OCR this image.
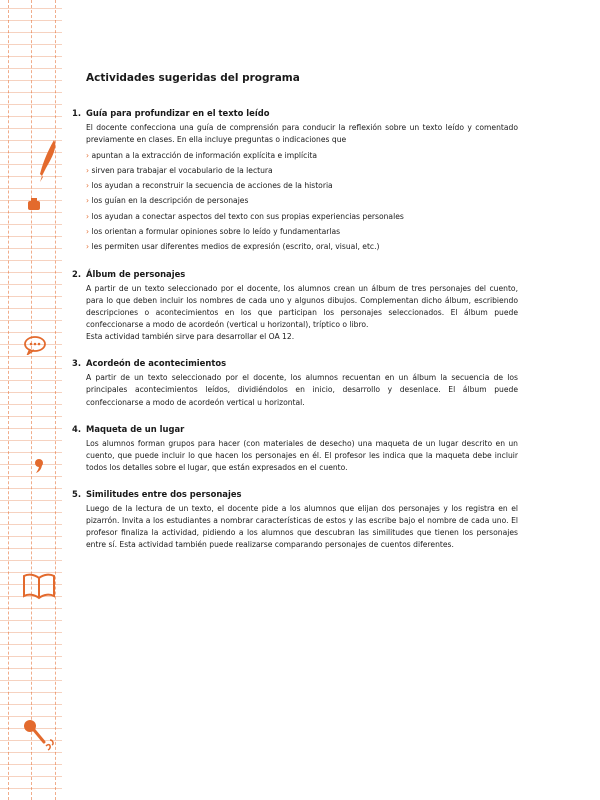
Actividades sugeridas del programa
1. Guía para profundizar en el texto leído

El docente confecciona una guía de comprensión para conducir la reflexión sobre un texto leído y comentado previamente en clases. En ella incluye preguntas o indicaciones que

› apuntan a la extracción de información explícita e implícita
› sirven para trabajar el vocabulario de la lectura
› los ayudan a reconstruir la secuencia de acciones de la historia
› los guían en la descripción de personajes
› los ayudan a conectar aspectos del texto con sus propias experiencias personales
› los orientan a formular opiniones sobre lo leído y fundamentarlas
› les permiten usar diferentes medios de expresión (escrito, oral, visual, etc.)
2. Álbum de personajes

A partir de un texto seleccionado por el docente, los alumnos crean un álbum de tres personajes del cuento, para lo que deben incluir los nombres de cada uno y algunos dibujos. Complementan dicho álbum, escribiendo descripciones o acontecimientos en los que participan los personajes seleccionados. El álbum puede confeccionarse a modo de acordeón (vertical u horizontal), tríptico o libro.

Esta actividad también sirve para desarrollar el OA 12.

3. Acordeón de acontecimientos

A partir de un texto seleccionado por el docente, los alumnos recuentan en un álbum la secuencia de los principales acontecimientos leídos, dividiéndolos en inicio, desarrollo y desenlace. El álbum puede confeccionarse a modo de acordeón vertical u horizontal.

4. Maqueta de un lugar

Los alumnos forman grupos para hacer (con materiales de desecho) una maqueta de un lugar descrito en un cuento, que puede incluir lo que hacen los personajes en él. El profesor les indica que la maqueta debe incluir todos los detalles sobre el lugar, que están expresados en el cuento.

5. Similitudes entre dos personajes

Luego de la lectura de un texto, el docente pide a los alumnos que elijan dos personajes y los registra en el pizarrón. Invita a los estudiantes a nombrar características de estos y las escribe bajo el nombre de cada uno. El profesor finaliza la actividad, pidiendo a los alumnos que descubran las similitudes que tienen los personajes entre sí. Esta actividad también puede realizarse comparando personajes de cuentos diferentes.
